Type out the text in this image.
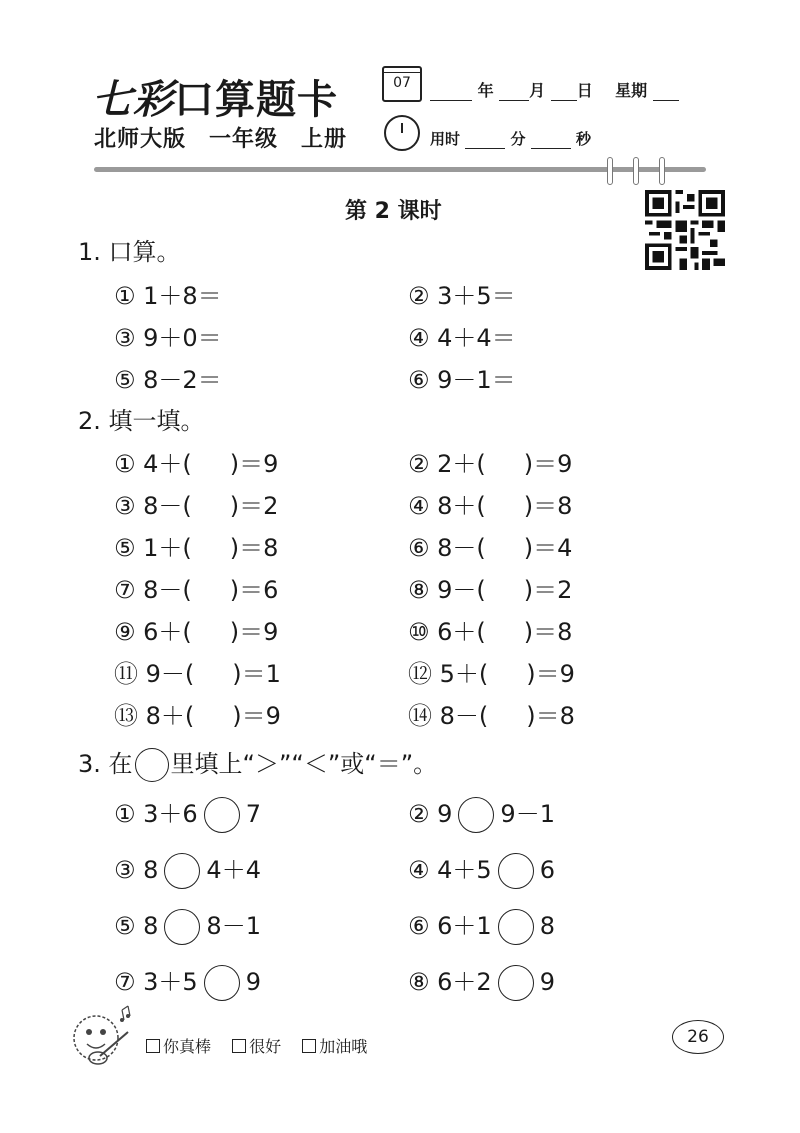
七彩口算题卡	07	年 月 日 星期
北师大版　一年级　上册	用时	分	秒
第 2 课时
1. 口算。
① 1＋8＝	② 3＋5＝
③ 9＋0＝	④ 4＋4＝
⑤ 8－2＝	⑥ 9－1＝
2. 填一填。
① 4＋( )＝9	② 2＋( )＝9
③ 8－( )＝2	④ 8＋( )＝8
⑤ 1＋( )＝8	⑥ 8－( )＝4
⑦ 8－( )＝6	⑧ 9－( )＝2
⑨ 6＋( )＝9	⑩ 6＋( )＝8
⑪ 9－( )＝1	⑫ 5＋( )＝9
⑬ 8＋( )＝9	⑭ 8－( )＝8
3. 在 里填上“＞”“＜”或“＝”。
① 3＋6 7	② 9 9－1
③ 8 4＋4	④ 4＋5 6
⑤ 8 8－1	⑥ 6＋1 8
⑦ 3＋5 9	⑧ 6＋2 9
你真棒 很好 加油哦	26
